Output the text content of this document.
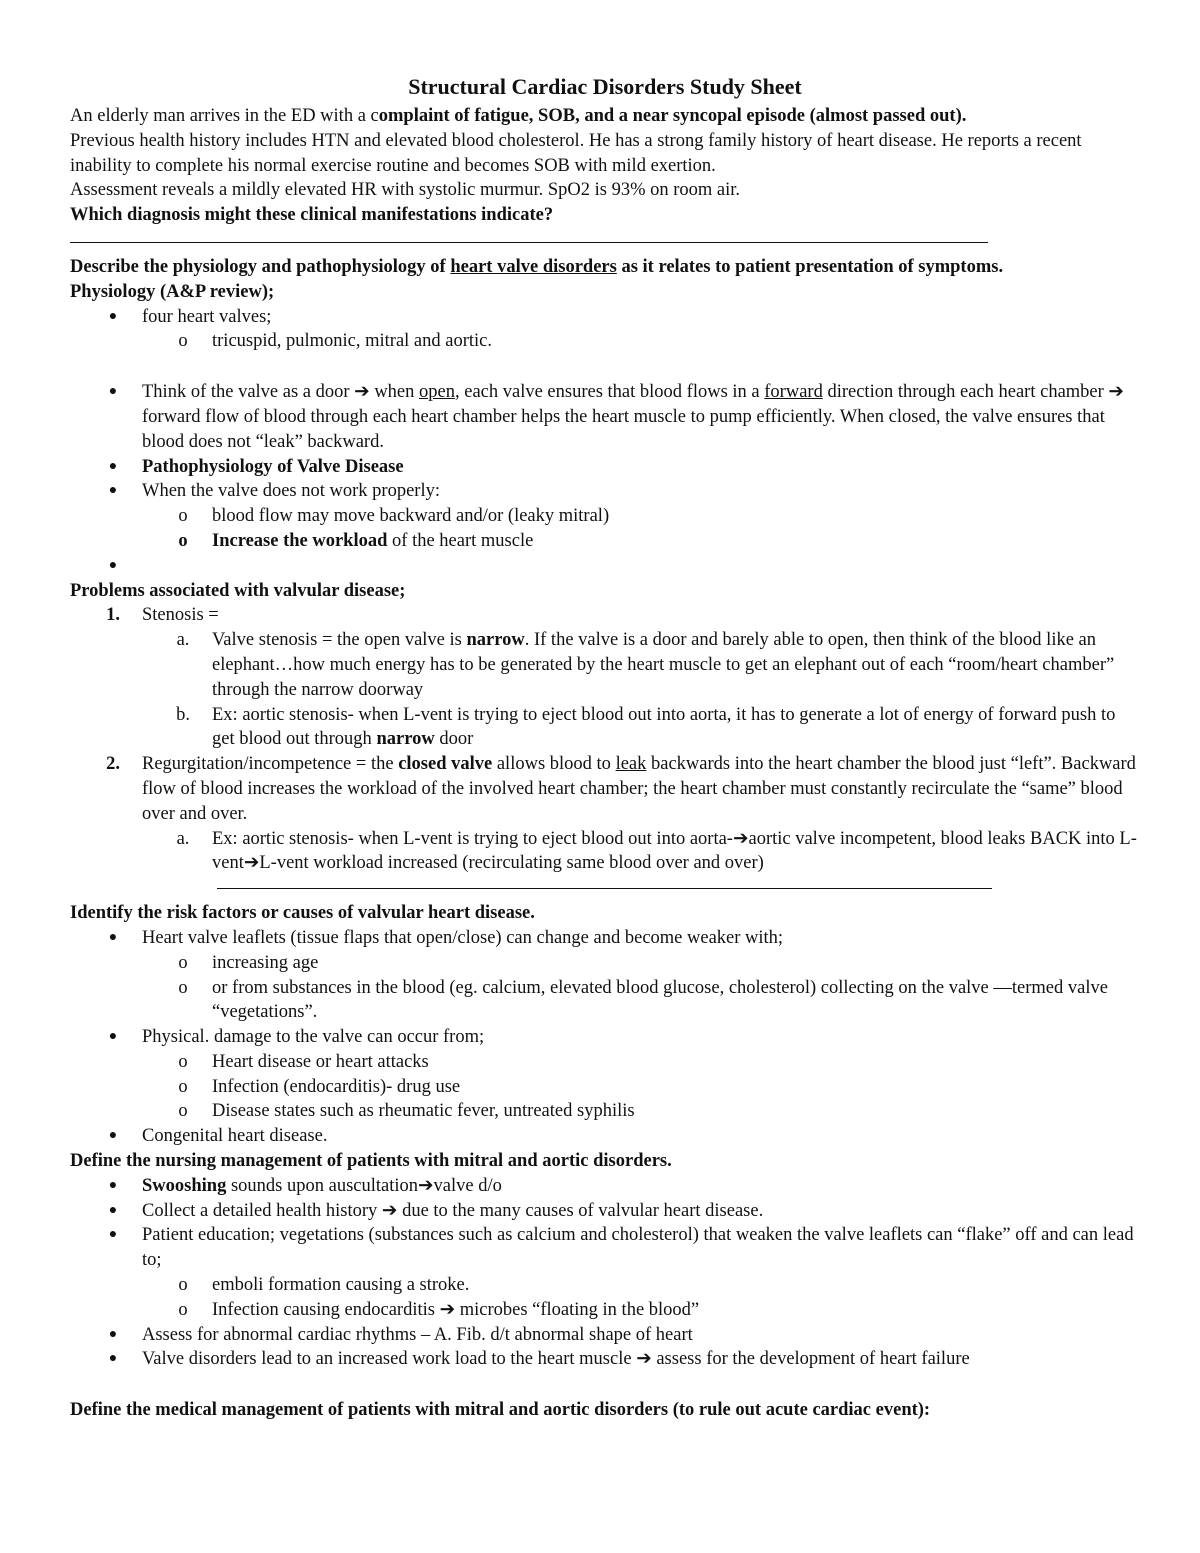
Structural Cardiac Disorders Study Sheet

An elderly man arrives in the ED with a complaint of fatigue, SOB, and a near syncopal episode (almost passed out).

Previous health history includes HTN and elevated blood cholesterol. He has a strong family history of heart disease. He reports a recent inability to complete his normal exercise routine and becomes SOB with mild exertion.

Assessment reveals a mildly elevated HR with systolic murmur. SpO2 is 93% on room air.

Which diagnosis might these clinical manifestations indicate?

Describe the physiology and pathophysiology of heart valve disorders as it relates to patient presentation of symptoms.

Physiology (A&P review);

●	four heart valves;
o tricuspid, pulmonic, mitral and aortic.
●	Think of the valve as a door ➔ when open, each valve ensures that blood flows in a forward direction through each heart chamber ➔ forward flow of blood through each heart chamber helps the heart muscle to pump efficiently. When closed, the valve ensures that blood does not “leak” backward.
●	Pathophysiology of Valve Disease
●	When the valve does not work properly:
o blood flow may move backward and/or (leaky mitral)
o Increase the workload of the heart muscle
●

Problems associated with valvular disease;

1. Stenosis =
a. Valve stenosis = the open valve is narrow. If the valve is a door and barely able to open, then think of the blood like an elephant…how much energy has to be generated by the heart muscle to get an elephant out of each “room/heart chamber” through the narrow doorway
b. Ex: aortic stenosis- when L-vent is trying to eject blood out into aorta, it has to generate a lot of energy of forward push to get blood out through narrow door
2. Regurgitation/incompetence = the closed valve allows blood to leak backwards into the heart chamber the blood just “left”. Backward flow of blood increases the workload of the involved heart chamber; the heart chamber must constantly recirculate the “same” blood over and over.
a. Ex: aortic stenosis- when L-vent is trying to eject blood out into aorta-➔aortic valve incompetent, blood leaks BACK into L-vent➔L-vent workload increased (recirculating same blood over and over)

Identify the risk factors or causes of valvular heart disease.

●	Heart valve leaflets (tissue flaps that open/close) can change and become weaker with;
o increasing age
o or from substances in the blood (eg. calcium, elevated blood glucose, cholesterol) collecting on the valve —termed valve “vegetations”.
●	Physical. damage to the valve can occur from;
o Heart disease or heart attacks
o Infection (endocarditis)- drug use
o Disease states such as rheumatic fever, untreated syphilis
●	Congenital heart disease.

Define the nursing management of patients with mitral and aortic disorders.

●	Swooshing sounds upon auscultation➔valve d/o
●	Collect a detailed health history ➔ due to the many causes of valvular heart disease.
●	Patient education; vegetations (substances such as calcium and cholesterol) that weaken the valve leaflets can “flake” off and can lead to;
o emboli formation causing a stroke.
o Infection causing endocarditis ➔ microbes “floating in the blood”
●	Assess for abnormal cardiac rhythms – A. Fib. d/t abnormal shape of heart
●	Valve disorders lead to an increased work load to the heart muscle ➔ assess for the development of heart failure

Define the medical management of patients with mitral and aortic disorders (to rule out acute cardiac event):
